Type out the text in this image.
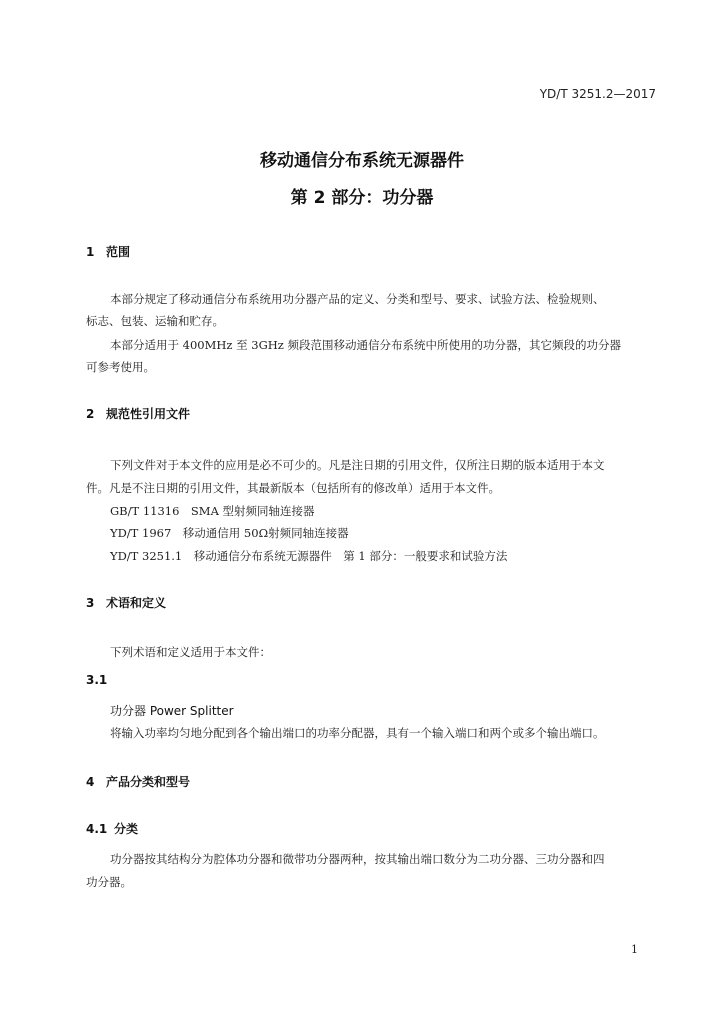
YD/T 3251.2—2017
移动通信分布系统无源器件
第 2 部分：功分器
1 范围
本部分规定了移动通信分布系统用功分器产品的定义、分类和型号、要求、试验方法、检验规则、
标志、包装、运输和贮存。
本部分适用于 400MHz 至 3GHz 频段范围移动通信分布系统中所使用的功分器，其它频段的功分器
可参考使用。
2 规范性引用文件
下列文件对于本文件的应用是必不可少的。凡是注日期的引用文件，仅所注日期的版本适用于本文
件。凡是不注日期的引用文件，其最新版本（包括所有的修改单）适用于本文件。
GB/T 11316　SMA 型射频同轴连接器
YD/T 1967　移动通信用 50Ω射频同轴连接器
YD/T 3251.1　移动通信分布系统无源器件　第 1 部分：一般要求和试验方法
3 术语和定义
下列术语和定义适用于本文件：
3.1
功分器 Power Splitter
将输入功率均匀地分配到各个输出端口的功率分配器，具有一个输入端口和两个或多个输出端口。
4 产品分类和型号
4.1 分类
功分器按其结构分为腔体功分器和微带功分器两种，按其输出端口数分为二功分器、三功分器和四
功分器。
1
